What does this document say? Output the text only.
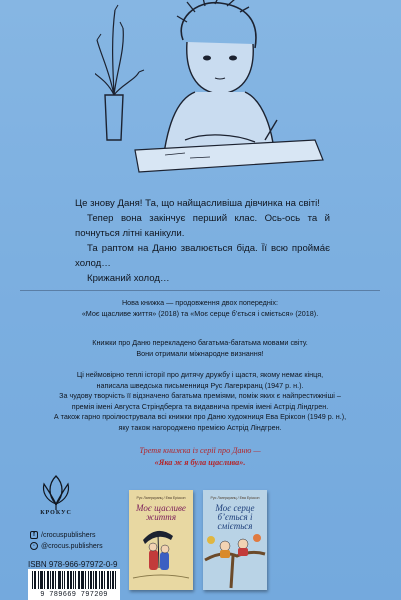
Це знову Даня! Та, що найщасливіша дівчинка на світі!

Тепер вона закінчує перший клас. Ось-ось та й почнуться літні канікули.

Та раптом на Даню звалюється біда. Її всю пройма́є холод…

Крижаний холод…

Нова книжка — продовження двох попередніх:
«Моє щасливе життя» (2018) та «Моє серце б’ється і сміється» (2018).
Книжки про Даню перекладено багатьма-багатьма мовами світу.
Вони отримали міжнародне визнання!
Ці неймовірно теплі історії про дитячу дружбу і щастя, якому немає кінця,
написала шведська письменниця Рус Лагеркранц (1947 р. н.).
За чудову творчість її відзначено багатьма преміями, поміж яких є найпрестижніші –
премія імені Августа Стріндберга та видавнича премія імені Астрід Ліндгрен.
А також гарно проілюструвала всі книжки про Даню художниця Ева Еріксон (1949 р. н.),
яку також нагороджено премією Астрід Ліндгрен.
Третя книжка із серії про Даню —
«Яка ж я була щаслива».
КРОКУС
f /crocuspublishers
◦ @crocus.publishers
ISBN 978-966-97972-0-9
9 789669 797209
Рус Лагеркранц / Ева Еріксон
Моє щасливе життя
Рус Лагеркранц / Ева Еріксон
Моє серце б’ється і сміється
